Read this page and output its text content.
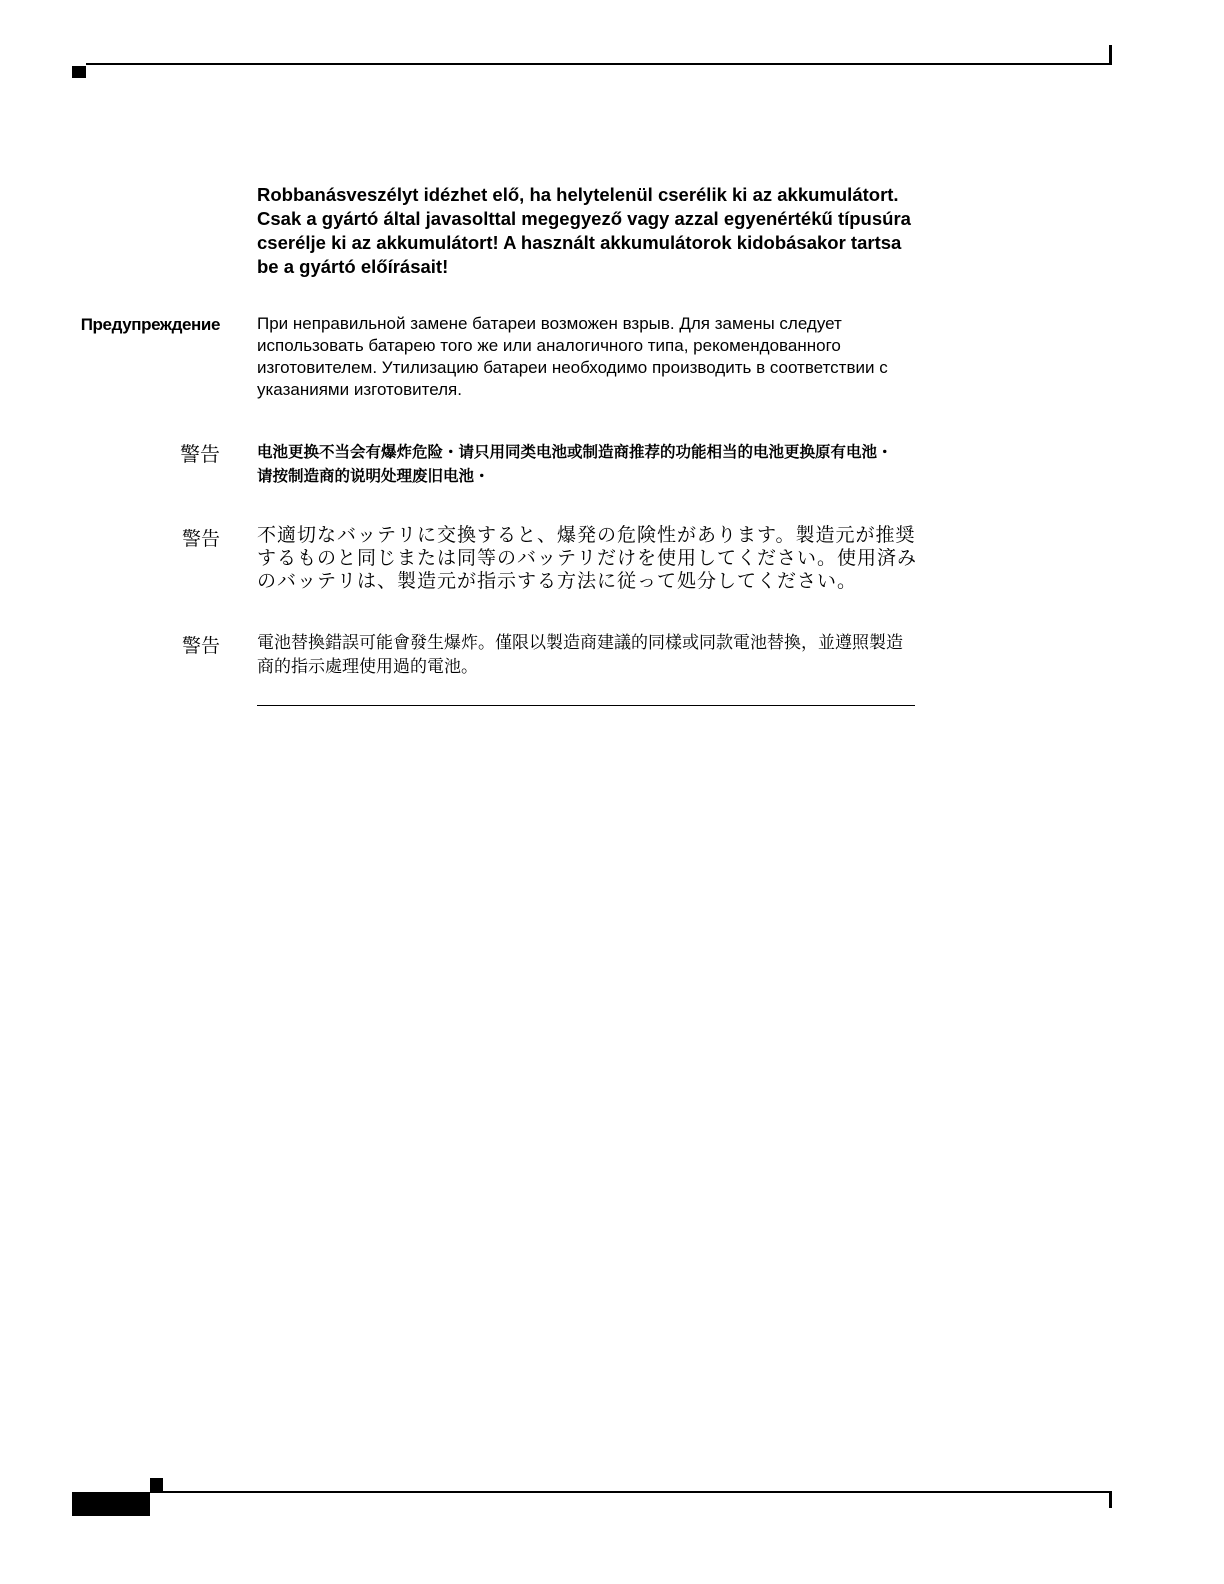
Robbanásveszélyt idézhet elő, ha helytelenül cserélik ki az akkumulátort. Csak a gyártó által javasolttal megegyező vagy azzal egyenértékű típusúra cserélje ki az akkumulátort! A használt akkumulátorok kidobásakor tartsa be a gyártó előírásait!
Предупреждение При неправильной замене батареи возможен взрыв. Для замены следует использовать батарею того же или аналогичного типа, рекомендованного изготовителем. Утилизацию батареи необходимо производить в соответствии с указаниями изготовителя.
警告 电池更换不当会有爆炸危险・请只用同类电池或制造商推荐的功能相当的电池更换原有电池・请按制造商的说明处理废旧电池・
警告 不適切なバッテリに交換すると、爆発の危険性があります。製造元が推奨するものと同じまたは同等のバッテリだけを使用してください。使用済みのバッテリは、製造元が指示する方法に従って処分してください。
警告 電池替換錯誤可能會發生爆炸。僅限以製造商建議的同樣或同款電池替換，並遵照製造商的指示處理使用過的電池。
